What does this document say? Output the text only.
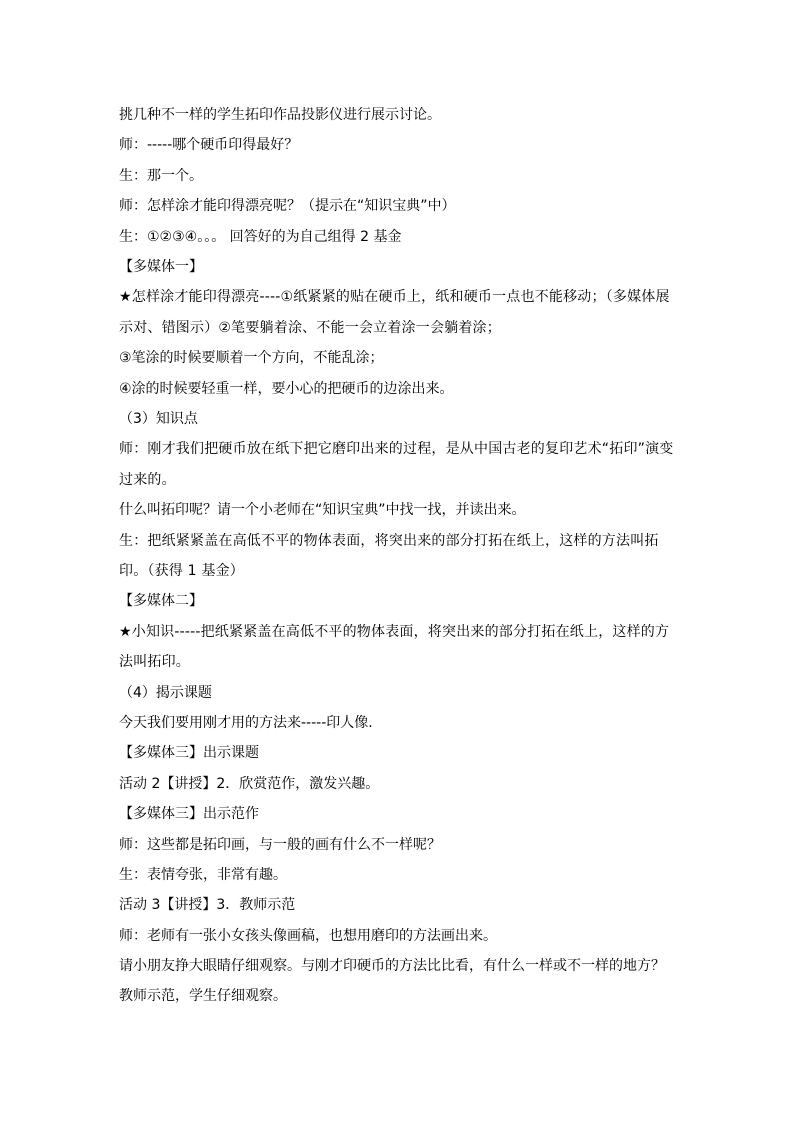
挑几种不一样的学生拓印作品投影仪进行展示讨论。

师：-----哪个硬币印得最好？

生：那一个。

师：怎样涂才能印得漂亮呢？（提示在“知识宝典”中）

生：①②③④。。。 回答好的为自己组得 2 基金

【多媒体一】

★怎样涂才能印得漂亮----①纸紧紧的贴在硬币上，纸和硬币一点也不能移动；（多媒体展示对、错图示）②笔要躺着涂、不能一会立着涂一会躺着涂；

③笔涂的时候要顺着一个方向，不能乱涂；

④涂的时候要轻重一样，要小心的把硬币的边涂出来。

（3）知识点

师：刚才我们把硬币放在纸下把它磨印出来的过程，是从中国古老的复印艺术“拓印”演变过来的。

什么叫拓印呢？请一个小老师在“知识宝典”中找一找，并读出来。

生：把纸紧紧盖在高低不平的物体表面，将突出来的部分打拓在纸上，这样的方法叫拓印。（获得 1 基金）

【多媒体二】

★小知识-----把纸紧紧盖在高低不平的物体表面，将突出来的部分打拓在纸上，这样的方法叫拓印。

（4）揭示课题

今天我们要用刚才用的方法来-----印人像.

【多媒体三】出示课题

活动 2【讲授】2．欣赏范作，激发兴趣。

【多媒体三】出示范作

师：这些都是拓印画，与一般的画有什么不一样呢？

生：表情夸张，非常有趣。

活动 3【讲授】3．教师示范

师：老师有一张小女孩头像画稿，也想用磨印的方法画出来。

请小朋友挣大眼睛仔细观察。与刚才印硬币的方法比比看，有什么一样或不一样的地方？

教师示范，学生仔细观察。
